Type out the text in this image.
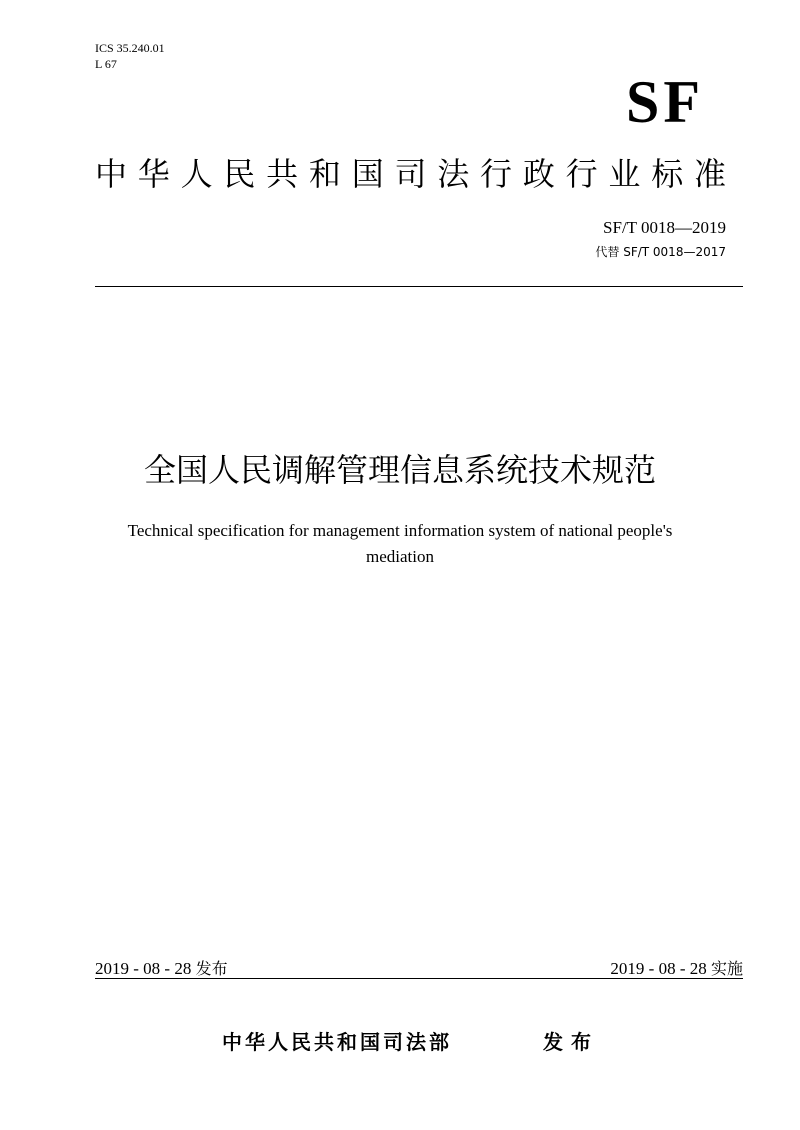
ICS 35.240.01
L 67
SF
中华人民共和国司法行政行业标准
SF/T 0018—2019
代替 SF/T 0018—2017
全国人民调解管理信息系统技术规范
Technical specification for management information system of national people's mediation
2019 - 08 - 28 发布	2019 - 08 - 28 实施
中华人民共和国司法部	发布
